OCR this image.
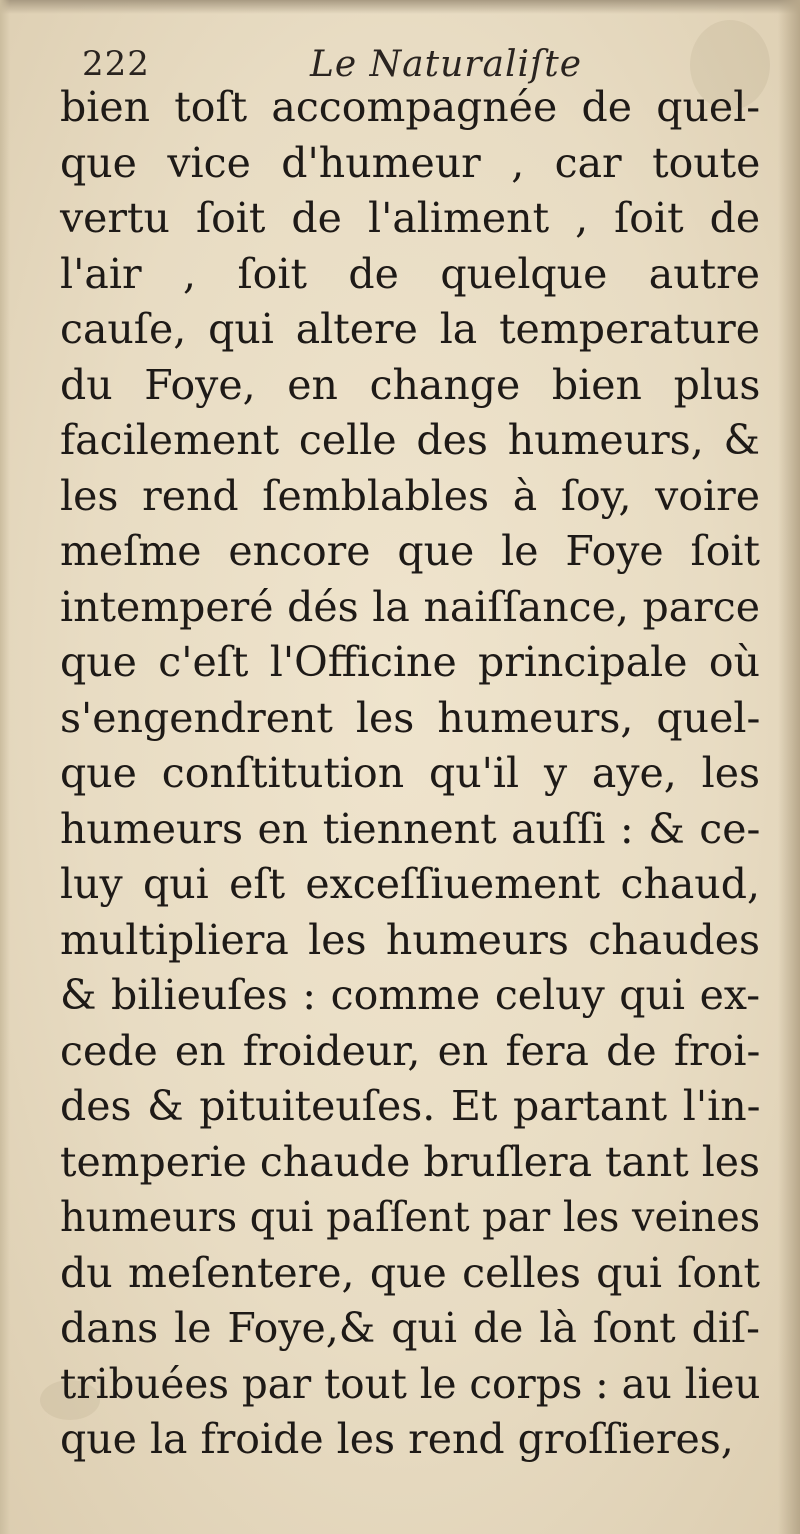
222	Le Naturaliſte
bien toſt accompagnée de quel-
que vice d'humeur , car toute
vertu ſoit de l'aliment , ſoit de
l'air , ſoit de quelque autre
cauſe, qui altere la temperature
du Foye, en change bien plus
facilement celle des humeurs, &
les rend ſemblables à ſoy, voire
meſme encore que le Foye ſoit
intemperé dés la naiſſance, parce
que c'eſt l'Officine principale où
s'engendrent les humeurs, quel-
que conſtitution qu'il y aye, les
humeurs en tiennent auſſi : & ce-
luy qui eſt exceſſiuement chaud,
multipliera les humeurs chaudes
& bilieuſes : comme celuy qui ex-
cede en froideur, en fera de froi-
des & pituiteuſes. Et partant l'in-
temperie chaude bruſlera tant les
humeurs qui paſſent par les veines
du meſentere, que celles qui ſont
dans le Foye,& qui de là ſont diſ-
tribuées par tout le corps : au lieu
que la froide les rend groſſieres,
